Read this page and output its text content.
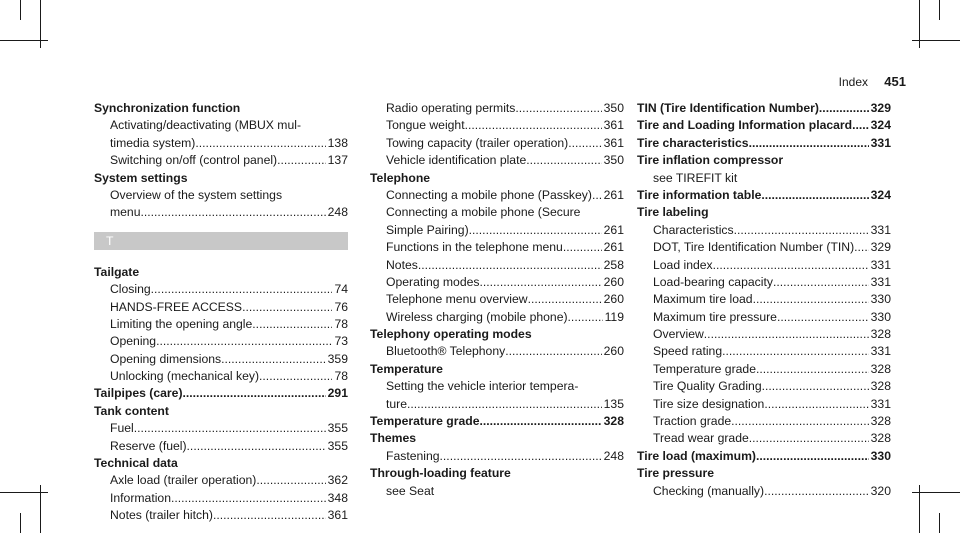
Index 451
Synchronization function
Activating/deactivating (MBUX mul-
timedia system) .....	138
Switching on/off (control panel) .....	137
System settings
Overview of the system settings
menu .....	248
T
Tailgate
Closing .....	74
HANDS-FREE ACCESS .....	76
Limiting the opening angle .....	78
Opening .....	73
Opening dimensions .....	359
Unlocking (mechanical key) .....	78
Tailpipes (care) .....	291
Tank content
Fuel .....	355
Reserve (fuel) .....	355
Technical data
Axle load (trailer operation) .....	362
Information .....	348
Notes (trailer hitch) .....	361
Radio operating permits .....	350
Tongue weight .....	361
Towing capacity (trailer operation) .....	361
Vehicle identification plate .....	350
Telephone
Connecting a mobile phone (Passkey) ..... 261
Connecting a mobile phone (Secure
Simple Pairing) .....	261
Functions in the telephone menu .....	261
Notes .....	258
Operating modes .....	260
Telephone menu overview .....	260
Wireless charging (mobile phone) .....	119
Telephony operating modes
Bluetooth® Telephony .....	260
Temperature
Setting the vehicle interior tempera-
ture .....	135
Temperature grade .....	328
Themes
Fastening .....	248
Through-loading feature
see Seat
TIN (Tire Identification Number) .....	329
Tire and Loading Information placard ..... 324
Tire characteristics .....	331
Tire inflation compressor
see TIREFIT kit
Tire information table .....	324
Tire labeling
Characteristics .....	331
DOT, Tire Identification Number (TIN) ..... 329
Load index .....	331
Load-bearing capacity .....	331
Maximum tire load .....	330
Maximum tire pressure .....	330
Overview .....	328
Speed rating .....	331
Temperature grade .....	328
Tire Quality Grading .....	328
Tire size designation .....	331
Traction grade .....	328
Tread wear grade .....	328
Tire load (maximum) .....	330
Tire pressure
Checking (manually) .....	320
